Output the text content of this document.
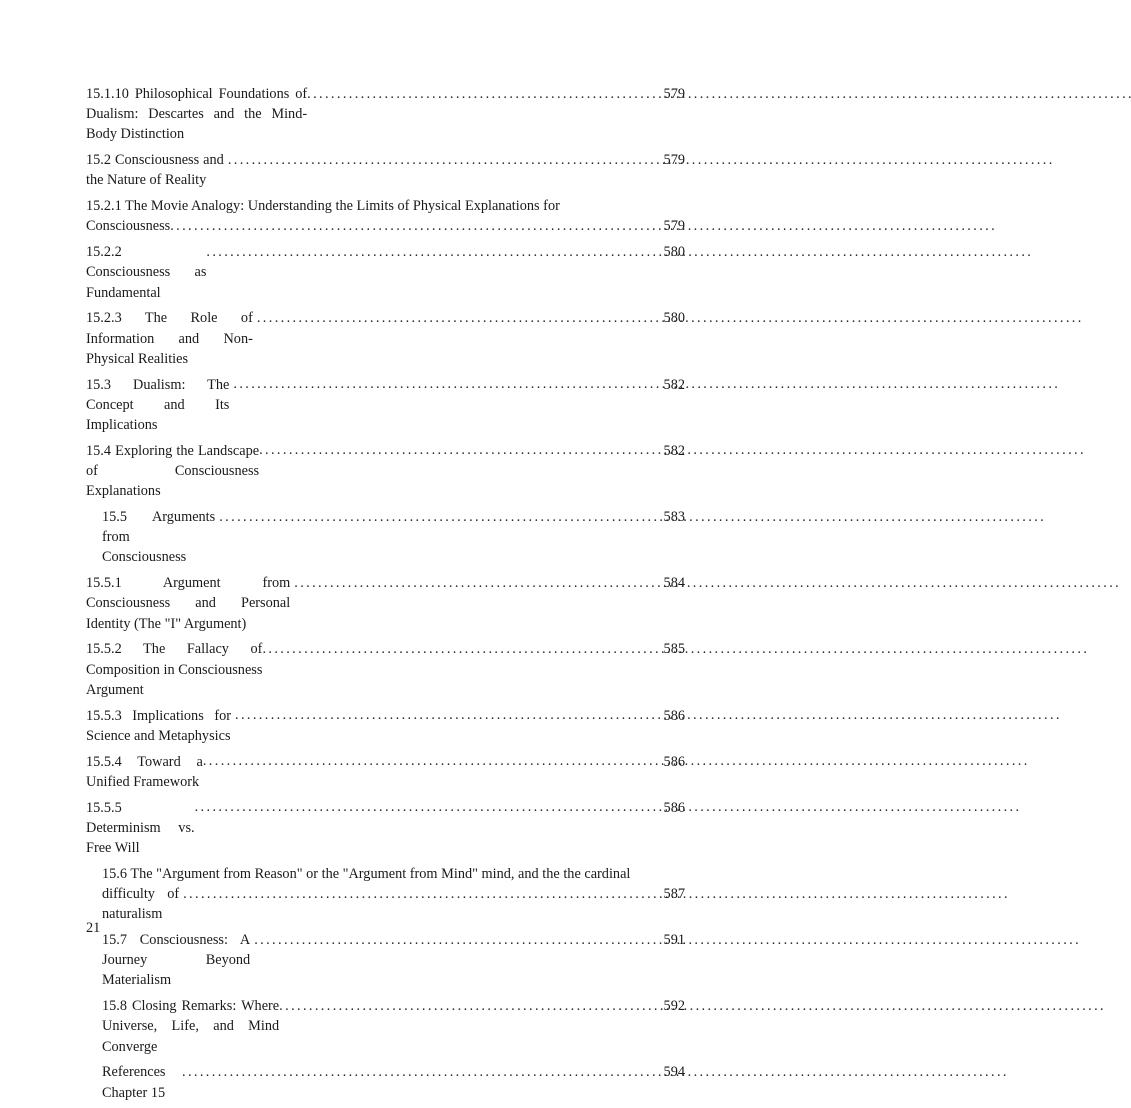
15.1.10 Philosophical Foundations of Dualism: Descartes and the Mind-Body Distinction
. . .
579
15.2 Consciousness and the Nature of Reality
. . .
579
15.2.1 The Movie Analogy: Understanding the Limits of Physical Explanations for
Consciousness . . .	579
15.2.2 Consciousness as Fundamental
. . .
580
15.2.3 The Role of Information and Non-Physical Realities
. . .
580
15.3 Dualism: The Concept and Its Implications
. . .
582
15.4 Exploring the Landscape of Consciousness Explanations
. . .
582
15.5 Arguments from Consciousness
. . .
583
15.5.1 Argument from Consciousness and Personal Identity (The "I" Argument)
. . .
584
15.5.2 The Fallacy of Composition in Consciousness Argument
. . .
585
15.5.3 Implications for Science and Metaphysics
. . .
586
15.5.4 Toward a Unified Framework
. . .
586
15.5.5 Determinism vs. Free Will
. . .
586
15.6 The "Argument from Reason" or the "Argument from Mind" mind, and the the cardinal
difficulty of naturalism
. . .
587
15.7 Consciousness: A Journey Beyond Materialism
. . .
591
15.8 Closing Remarks: Where Universe, Life, and Mind Converge
. . .
592
References Chapter 15
. . .
594
21
